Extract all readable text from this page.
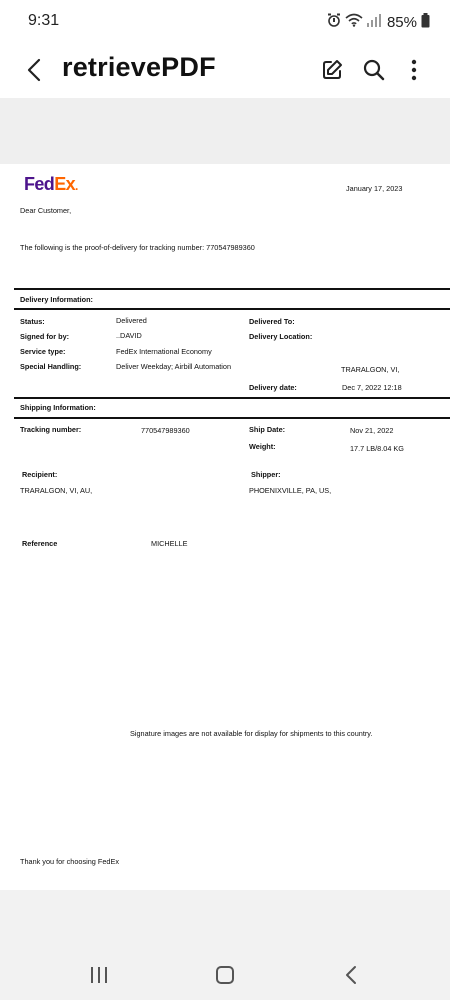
9:31	85%
retrievePDF
FedEx.	January 17, 2023
Dear Customer,
The following is the proof-of-delivery for tracking number: 770547989360
Delivery Information:
Status:	Delivered	Delivered To:
Signed for by:	..DAVID	Delivery Location:
Service type:	FedEx International Economy
Special Handling:	Deliver Weekday; Airbill Automation	TRARALGON, VI,
Delivery date:	Dec 7, 2022 12:18
Shipping Information:
Tracking number:	770547989360	Ship Date:	Nov 21, 2022
Weight:	17.7 LB/8.04 KG
Recipient:	Shipper:
TRARALGON, VI, AU,	PHOENIXVILLE, PA, US,
Reference	MICHELLE
Signature images are not available for display for shipments to this country.
Thank you for choosing FedEx
